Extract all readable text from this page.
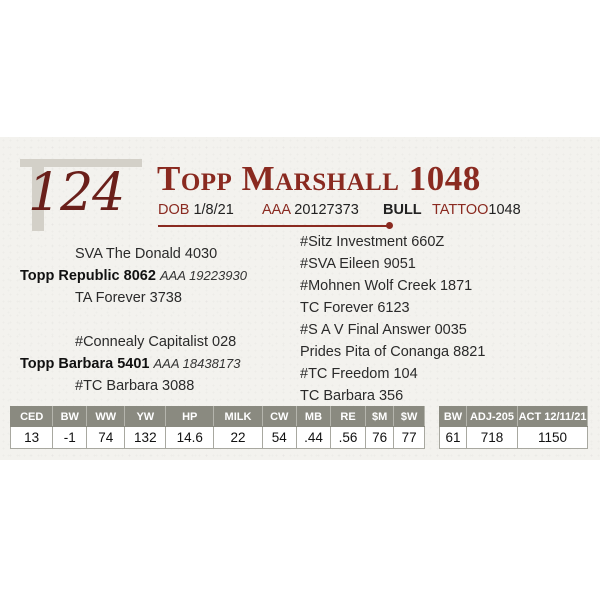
124 Topp Marshall 1048
DOB 1/8/21 AAA 20127373 BULL TATTOO1048
SVA The Donald 4030
Topp Republic 8062 AAA 19223930
TA Forever 3738
#Connealy Capitalist 028
Topp Barbara 5401 AAA 18438173
#TC Barbara 3088
#Sitz Investment 660Z
#SVA Eileen 9051
#Mohnen Wolf Creek 1871
TC Forever 6123
#S A V Final Answer 0035
Prides Pita of Conanga 8821
#TC Freedom 104
TC Barbara 356
CED	BW	WW	YW	HP	MILK	CW	MB	RE	$M	$W
13	-1	74	132	14.6	22	54	.44	.56	76	77
BW	ADJ-205	ACT 12/11/21
61	718	1150
